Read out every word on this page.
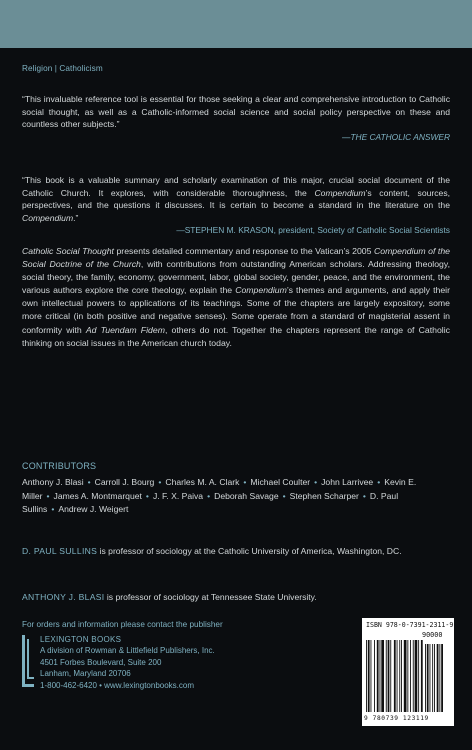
Religion | Catholicism

“This invaluable reference tool is essential for those seeking a clear and comprehensive introduction to Catholic social thought, as well as a Catholic-informed social science and social policy perspective on these and countless other subjects.”

—THE CATHOLIC ANSWER

“This book is a valuable summary and scholarly examination of this major, crucial social document of the Catholic Church. It explores, with considerable thoroughness, the Compendium’s content, sources, perspectives, and the questions it discusses. It is certain to become a standard in the literature on the Compendium.”

—STEPHEN M. KRASON, president, Society of Catholic Social Scientists

Catholic Social Thought presents detailed commentary and response to the Vatican’s 2005 Compendium of the Social Doctrine of the Church, with contributions from outstanding American scholars. Addressing theology, social theory, the family, economy, government, labor, global society, gender, peace, and the environment, the various authors explore the core theology, explain the Compendium’s themes and arguments, and apply their own intellectual powers to applications of its teachings. Some of the chapters are largely expository, some more critical (in both positive and negative senses). Some operate from a standard of magisterial assent in conformity with Ad Tuendam Fidem, others do not. Together the chapters represent the range of Catholic thinking on social issues in the American church today.
CONTRIBUTORS
Anthony J. Blasi • Carroll J. Bourg • Charles M. A. Clark • Michael Coulter • John Larrivee • Kevin E. Miller • James A. Montmarquet • J. F. X. Paiva • Deborah Savage • Stephen Scharper • D. Paul Sullins • Andrew J. Weigert
D. PAUL SULLINS is professor of sociology at the Catholic University of America, Washington, DC.
ANTHONY J. BLASI is professor of sociology at Tennessee State University.
For orders and information please contact the publisher
LEXINGTON BOOKS
A division of Rowman & Littlefield Publishers, Inc.
4501 Forbes Boulevard, Suite 200
Lanham, Maryland 20706
1-800-462-6420 • www.lexingtonbooks.com
ISBN 978-0-7391-2311-9
90000
9 780739 123119
